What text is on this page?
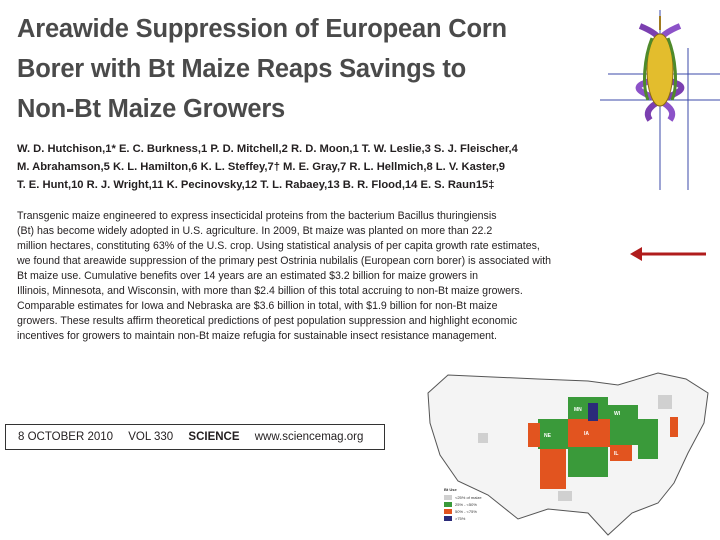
Areawide Suppression of European Corn
Borer with Bt Maize Reaps Savings to
Non-Bt Maize Growers
W. D. Hutchison,1* E. C. Burkness,1 P. D. Mitchell,2 R. D. Moon,1 T. W. Leslie,3 S. J. Fleischer,4
M. Abrahamson,5 K. L. Hamilton,6 K. L. Steffey,7† M. E. Gray,7 R. L. Hellmich,8 L. V. Kaster,9
T. E. Hunt,10 R. J. Wright,11 K. Pecinovsky,12 T. L. Rabaey,13 B. R. Flood,14 E. S. Raun15‡
Transgenic maize engineered to express insecticidal proteins from the bacterium Bacillus thuringiensis
(Bt) has become widely adopted in U.S. agriculture. In 2009, Bt maize was planted on more than 22.2
million hectares, constituting 63% of the U.S. crop. Using statistical analysis of per capita growth rate estimates,
we found that areawide suppression of the primary pest Ostrinia nubilalis (European corn borer) is associated with
Bt maize use. Cumulative benefits over 14 years are an estimated $3.2 billion for maize growers in
Illinois, Minnesota, and Wisconsin, with more than $2.4 billion of this total accruing to non-Bt maize growers.
Comparable estimates for Iowa and Nebraska are $3.6 billion in total, with $1.9 billion for non-Bt maize
growers. These results affirm theoretical predictions of pest population suppression and highlight economic
incentives for growers to maintain non-Bt maize refugia for sustainable insect resistance management.
8 OCTOBER 2010 VOL 330 SCIENCE www.sciencemag.org
MN
WI
NE	IA
IL
Bt Use
<25% of maize
25% - <50%
50% - <75%
>75%
